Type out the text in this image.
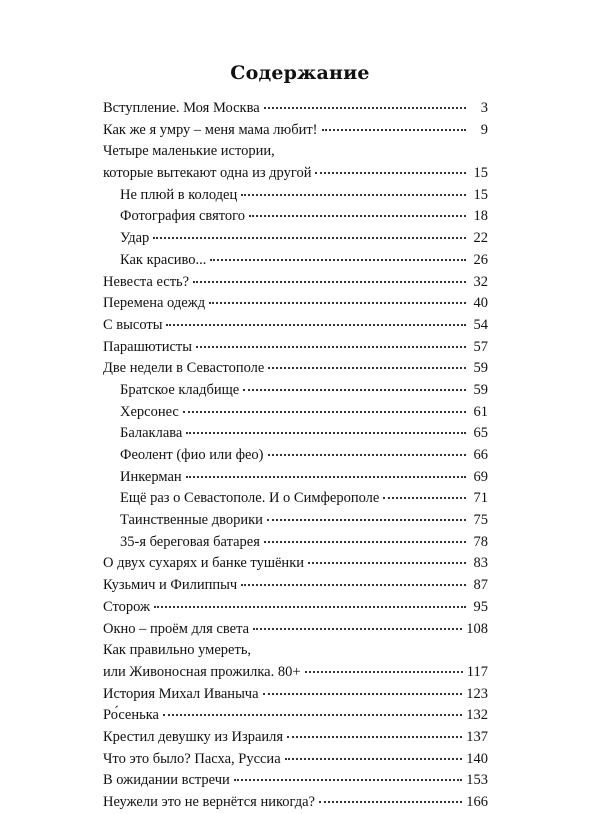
Содержание
Вступление. Моя Москва	3
Как же я умру – меня мама любит!	9
Четыре маленькие истории,
которые вытекают одна из другой	15
Не плюй в колодец	15
Фотография святого	18
Удар	22
Как красиво...	26
Невеста есть?	32
Перемена одежд	40
С высоты	54
Парашютисты	57
Две недели в Севастополе	59
Братское кладбище	59
Херсонес	61
Балаклава	65
Феолент (фио или фео)	66
Инкерман	69
Ещё раз о Севастополе. И о Симферополе	71
Таинственные дворики	75
35-я береговая батарея	78
О двух сухарях и банке тушёнки	83
Кузьмич и Филиппыч	87
Сторож	95
Окно – проём для света	108
Как правильно умереть,
или Живоносная прожилка. 80+	117
История Михал Иваныча	123
Ро́сенька	132
Крестил девушку из Израиля	137
Что это было? Пасха, Руссиа	140
В ожидании встречи	153
Неужели это не вернётся никогда?	166
